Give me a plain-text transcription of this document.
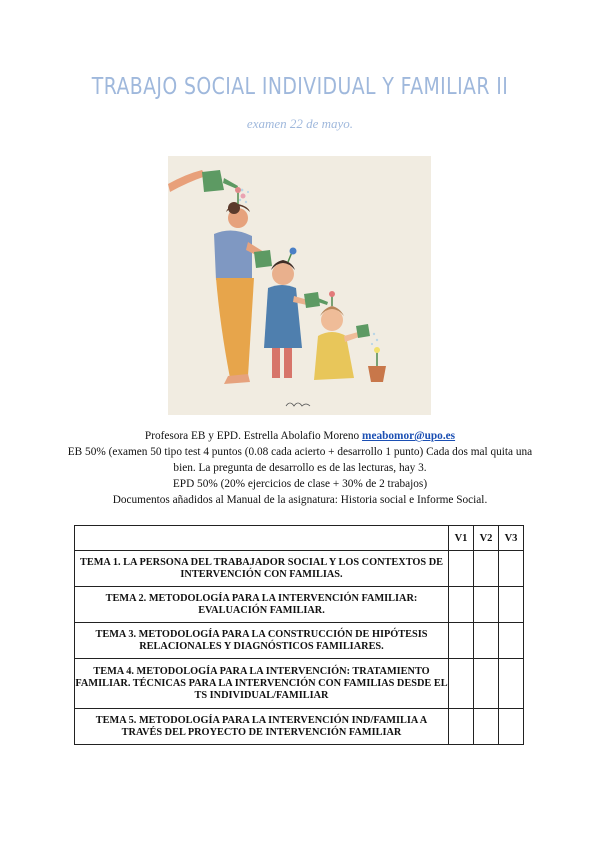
TRABAJO SOCIAL INDIVIDUAL Y FAMILIAR II
examen 22 de mayo.
Profesora EB y EPD. Estrella Abolafio Moreno meabomor@upo.es
EB 50% (examen 50 tipo test 4 puntos (0.08 cada acierto + desarrollo 1 punto) Cada dos mal quita una bien. La pregunta de desarrollo es de las lecturas, hay 3.
EPD 50% (20% ejercicios de clase + 30% de 2 trabajos)
Documentos añadidos al Manual de la asignatura: Historia social e Informe Social.
	V1	V2	V3
TEMA 1. LA PERSONA DEL TRABAJADOR SOCIAL Y LOS CONTEXTOS DE INTERVENCIÓN CON FAMILIAS.			
TEMA 2. METODOLOGÍA PARA LA INTERVENCIÓN FAMILIAR: EVALUACIÓN FAMILIAR.			
TEMA 3. METODOLOGÍA PARA LA CONSTRUCCIÓN DE HIPÓTESIS RELACIONALES Y DIAGNÓSTICOS FAMILIARES.			
TEMA 4. METODOLOGÍA PARA LA INTERVENCIÓN: TRATAMIENTO FAMILIAR. TÉCNICAS PARA LA INTERVENCIÓN CON FAMILIAS DESDE EL TS INDIVIDUAL/FAMILIAR			
TEMA 5. METODOLOGÍA PARA LA INTERVENCIÓN IND/FAMILIA A TRAVÉS DEL PROYECTO DE INTERVENCIÓN FAMILIAR			
